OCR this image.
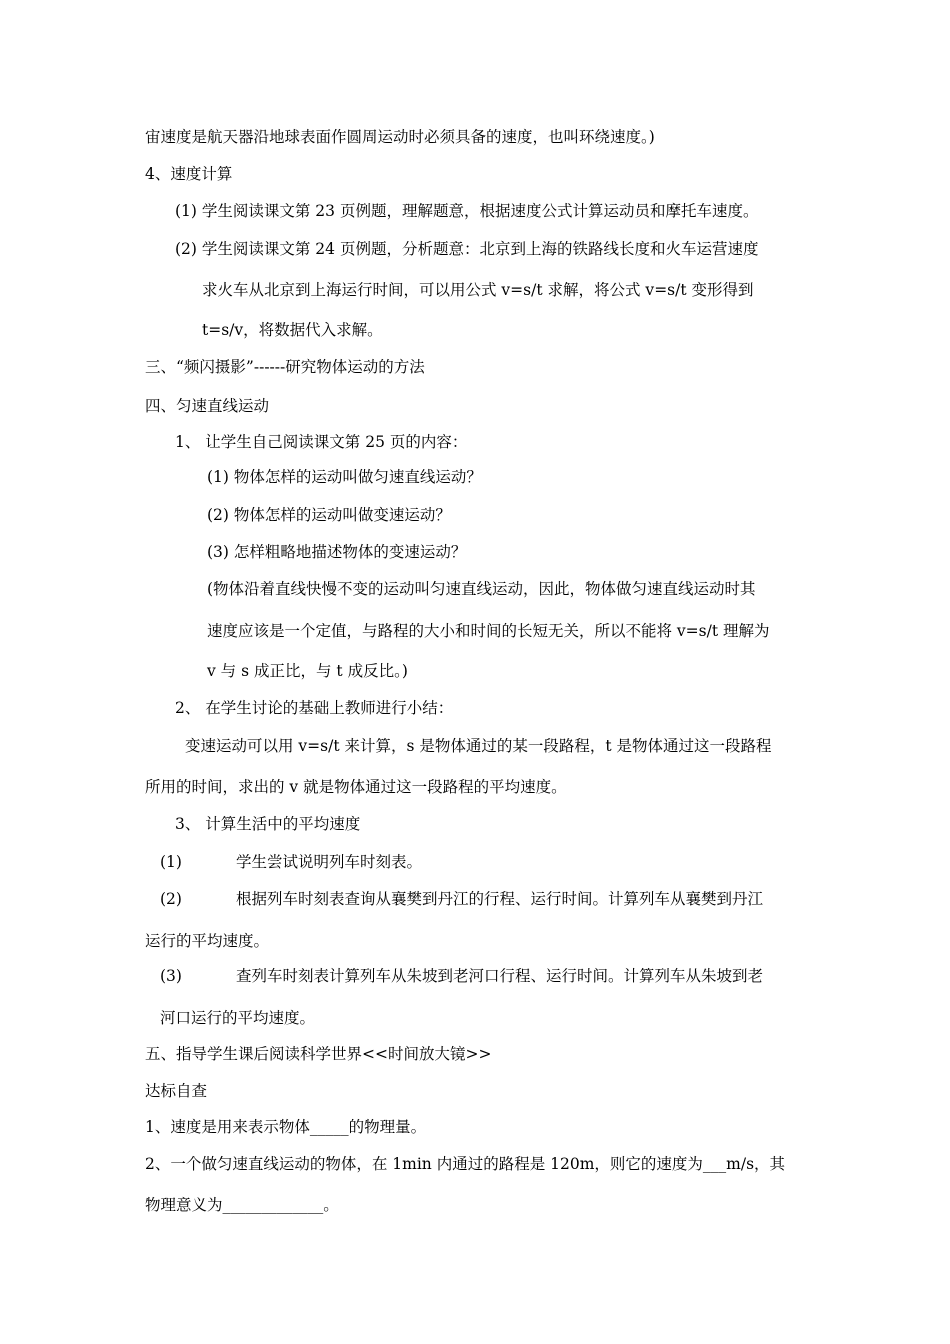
宙速度是航天器沿地球表面作圆周运动时必须具备的速度，也叫环绕速度。)
4、速度计算
(1) 学生阅读课文第 23 页例题，理解题意，根据速度公式计算运动员和摩托车速度。
(2) 学生阅读课文第 24 页例题，分析题意：北京到上海的铁路线长度和火车运营速度
求火车从北京到上海运行时间，可以用公式 v=s/t 求解，将公式 v=s/t 变形得到
t=s/v，将数据代入求解。
三、“频闪摄影”------研究物体运动的方法
四、匀速直线运动
1、 让学生自己阅读课文第 25 页的内容：
(1) 物体怎样的运动叫做匀速直线运动？
(2) 物体怎样的运动叫做变速运动？
(3) 怎样粗略地描述物体的变速运动？
(物体沿着直线快慢不变的运动叫匀速直线运动，因此，物体做匀速直线运动时其
速度应该是一个定值，与路程的大小和时间的长短无关，所以不能将 v=s/t 理解为
v 与 s 成正比，与 t 成反比。)
2、 在学生讨论的基础上教师进行小结：
变速运动可以用 v=s/t 来计算，s 是物体通过的某一段路程，t 是物体通过这一段路程
所用的时间，求出的 v 就是物体通过这一段路程的平均速度。
3、 计算生活中的平均速度
(1)	学生尝试说明列车时刻表。
(2)	根据列车时刻表查询从襄樊到丹江的行程、运行时间。计算列车从襄樊到丹江
运行的平均速度。
(3)	查列车时刻表计算列车从朱坡到老河口行程、运行时间。计算列车从朱坡到老
河口运行的平均速度。
五、指导学生课后阅读科学世界<<时间放大镜>>
达标自查
1、速度是用来表示物体_____的物理量。
2、一个做匀速直线运动的物体，在 1min 内通过的路程是 120m，则它的速度为___m/s，其
物理意义为_____________。
